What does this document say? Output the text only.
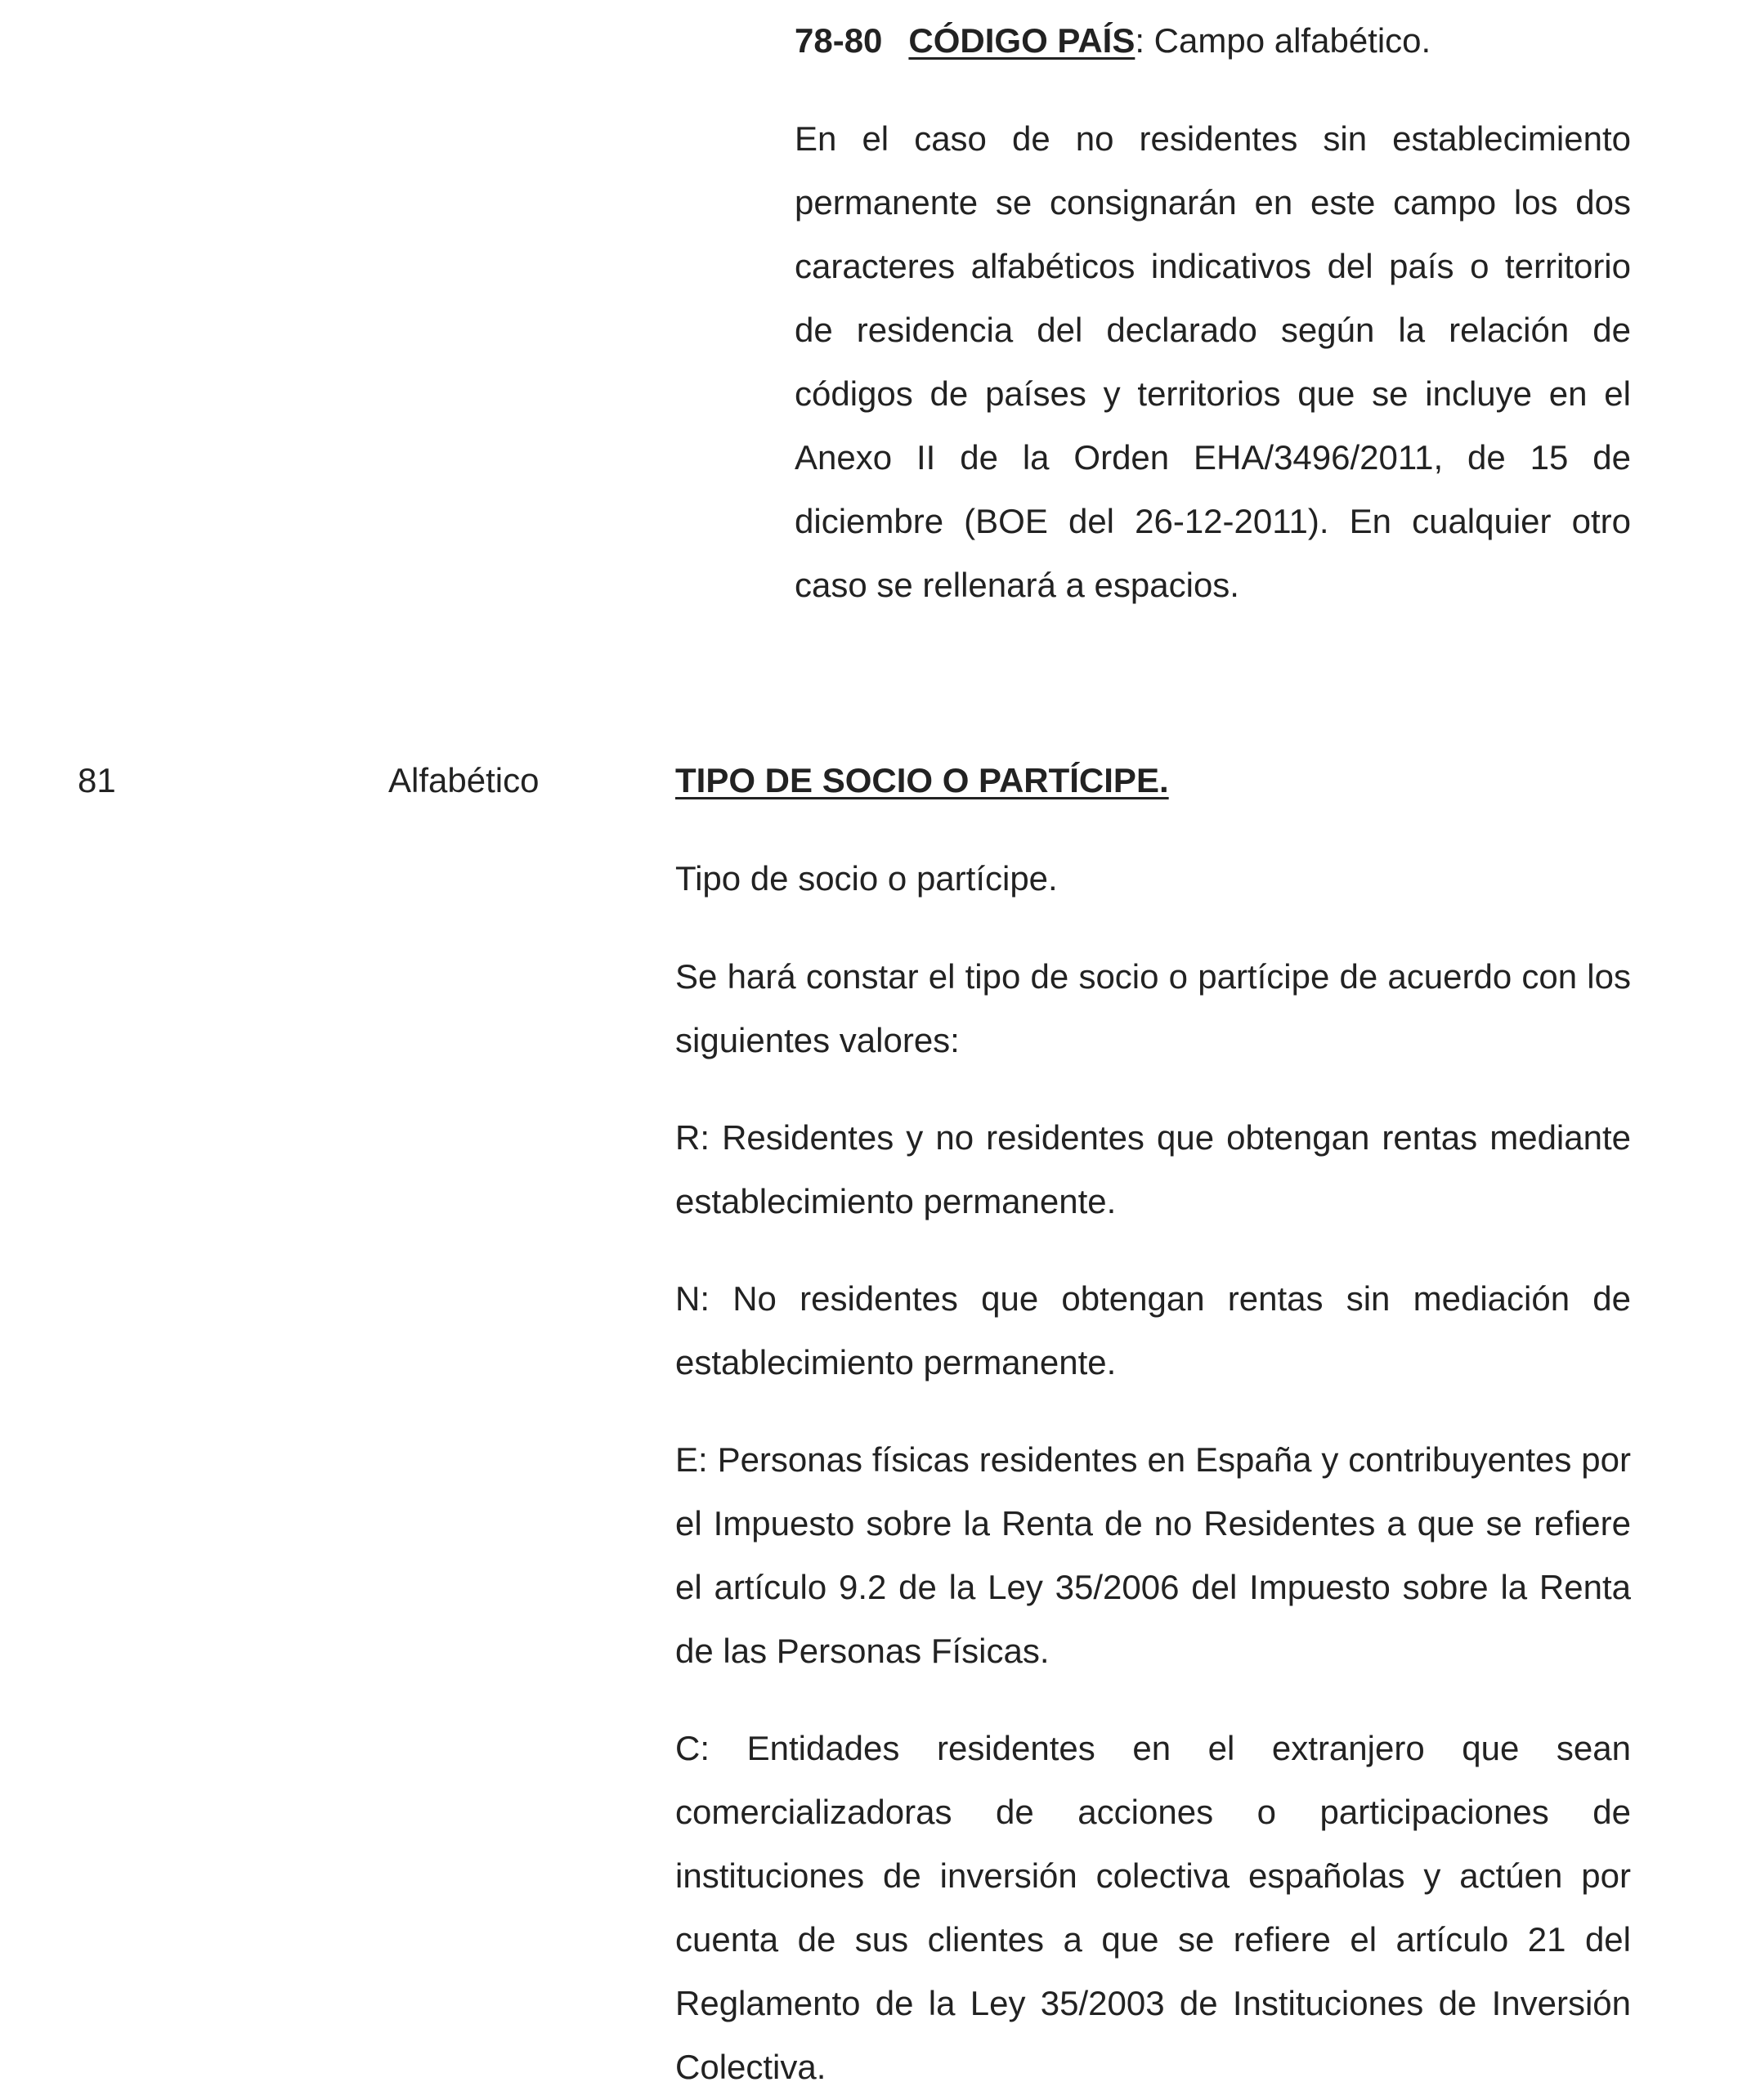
78-80 CÓDIGO PAÍS: Campo alfabético.
En el caso de no residentes sin establecimiento permanente se consignarán en este campo los dos caracteres alfabéticos indicativos del país o territorio de residencia del declarado según la relación de códigos de países y territorios que se incluye en el Anexo II de la Orden EHA/3496/2011, de 15 de diciembre (BOE del 26-12-2011). En cualquier otro caso se rellenará a espacios.
81	Alfabético	TIPO DE SOCIO O PARTÍCIPE.
Tipo de socio o partícipe.
Se hará constar el tipo de socio o partícipe de acuerdo con los siguientes valores:
R: Residentes y no residentes que obtengan rentas mediante establecimiento permanente.
N: No residentes que obtengan rentas sin mediación de establecimiento permanente.
E: Personas físicas residentes en España y contribuyentes por el Impuesto sobre la Renta de no Residentes a que se refiere el artículo 9.2 de la Ley 35/2006 del Impuesto sobre la Renta de las Personas Físicas.
C: Entidades residentes en el extranjero que sean comercializadoras de acciones o participaciones de instituciones de inversión colectiva españolas y actúen por cuenta de sus clientes a que se refiere el artículo 21 del Reglamento de la Ley 35/2003 de Instituciones de Inversión Colectiva.
